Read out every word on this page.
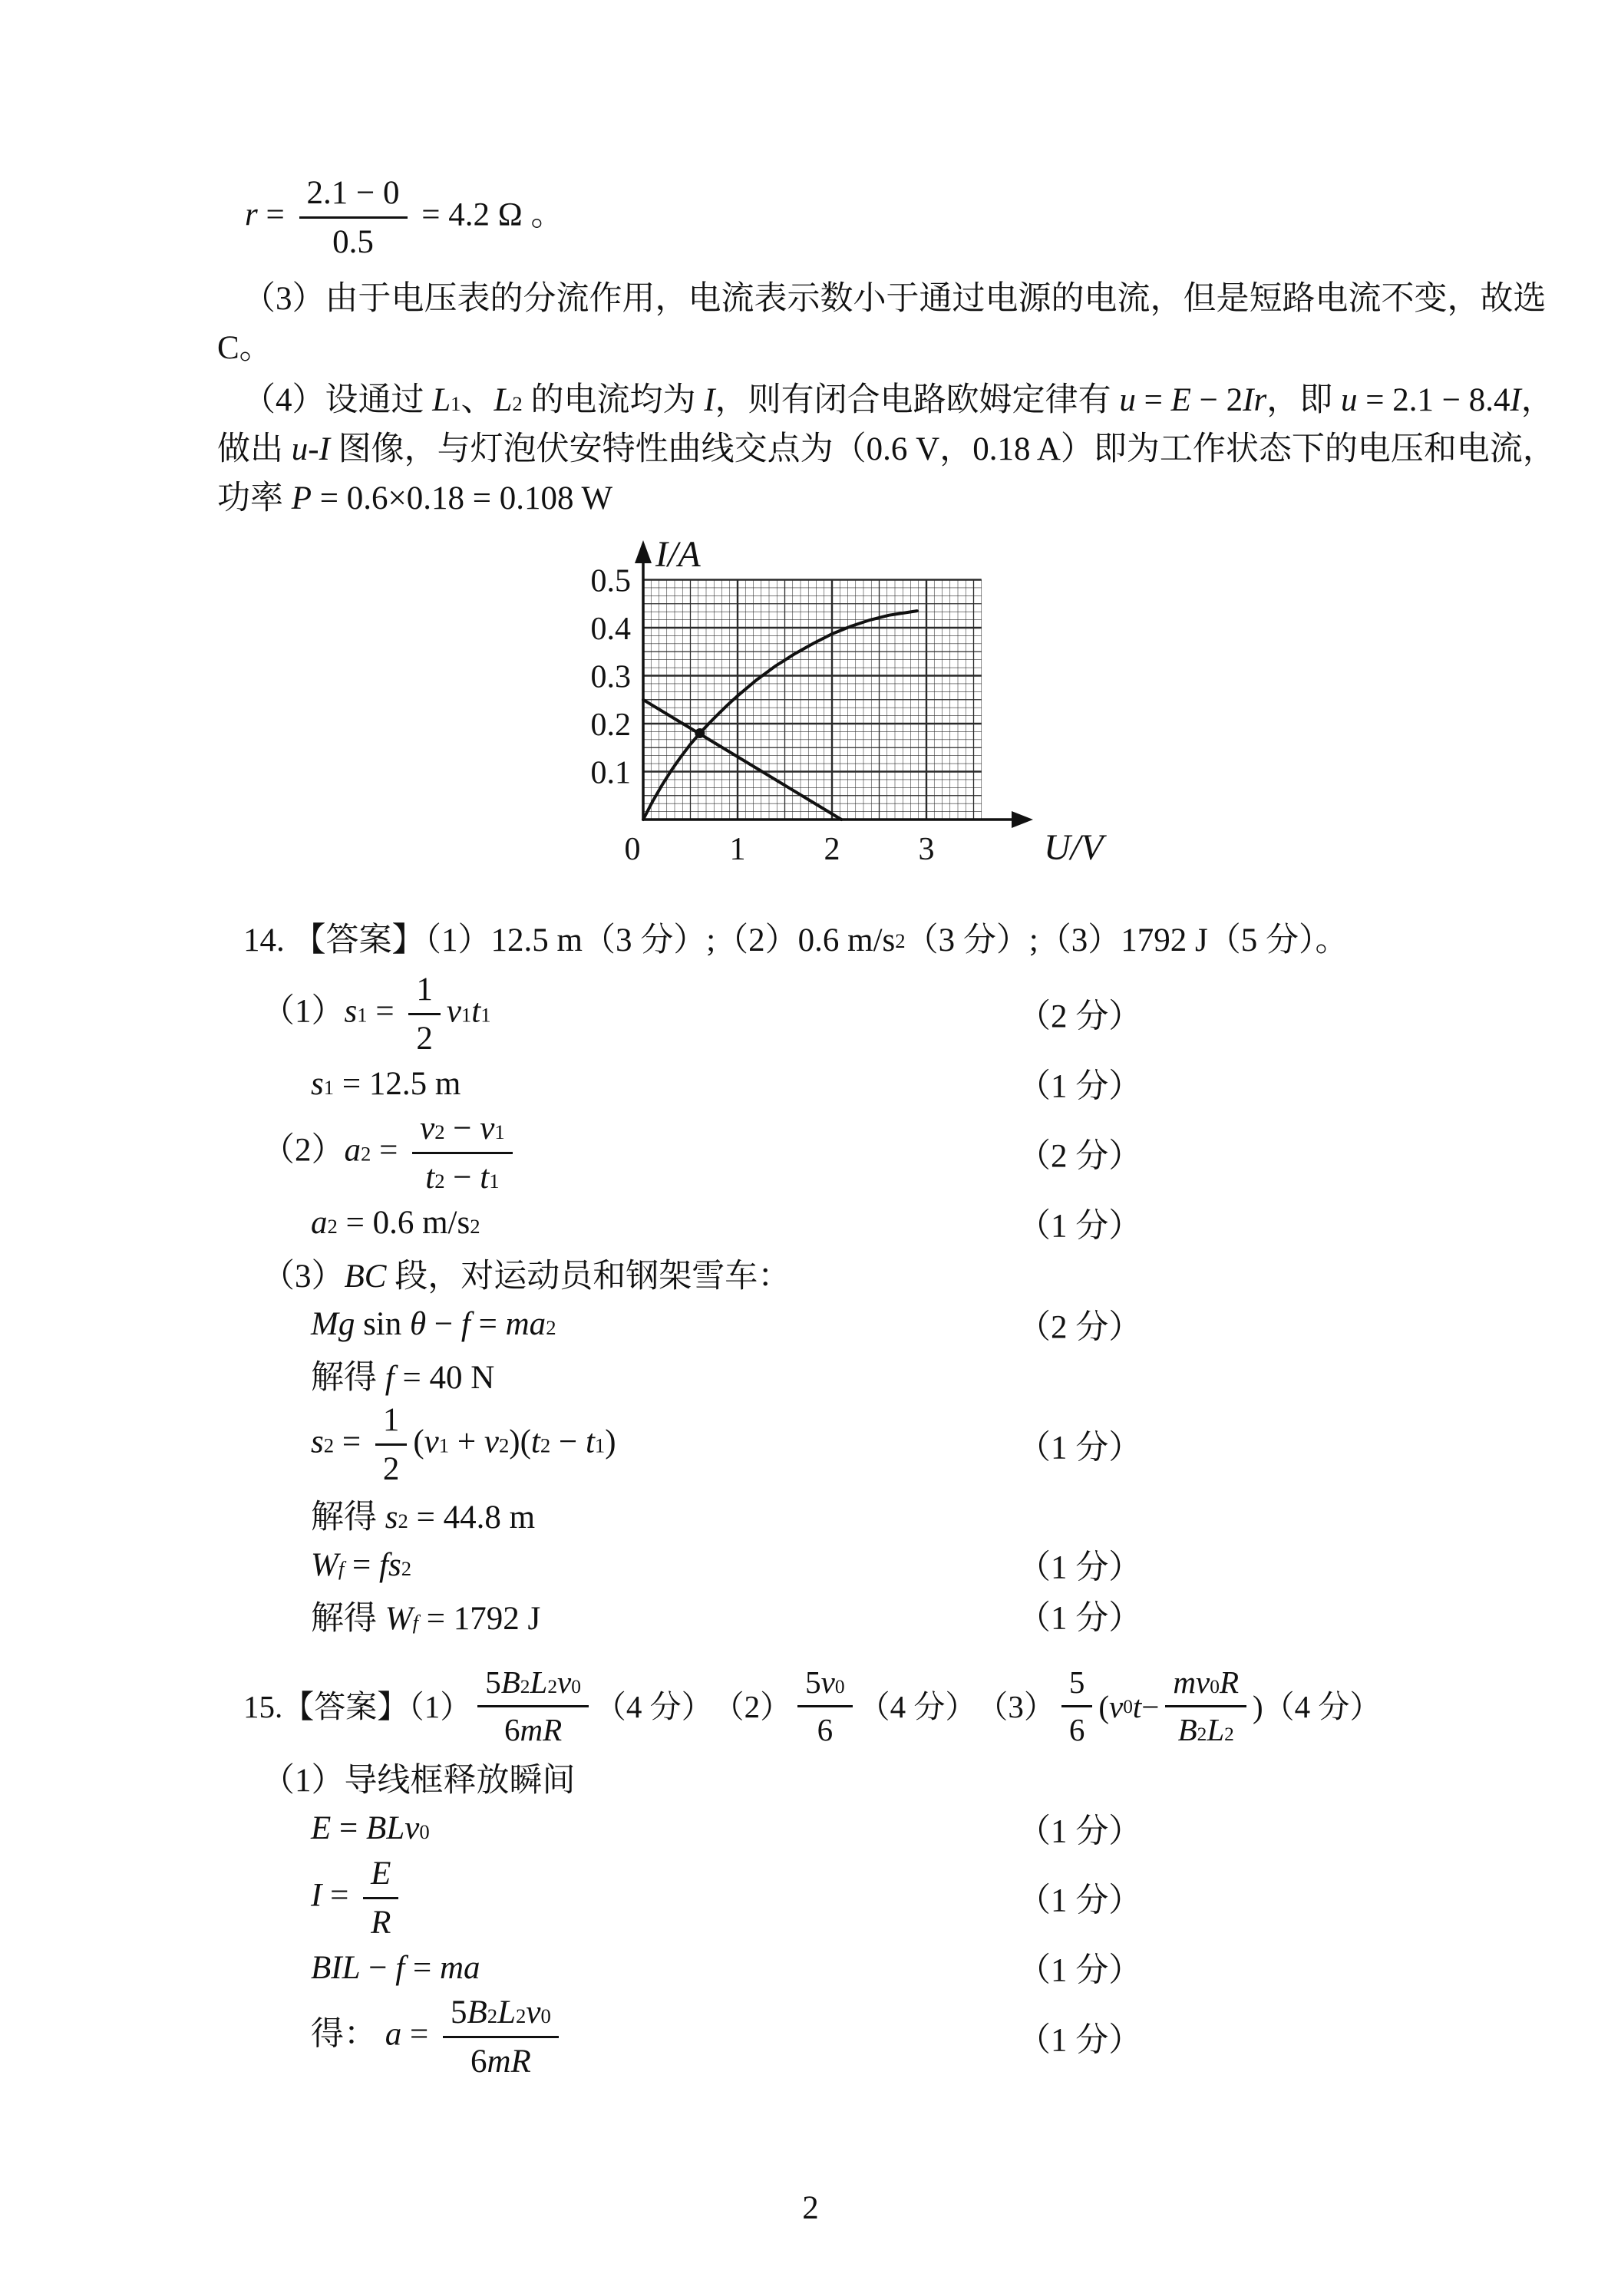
$r = \frac{2.1 - 0}{0.5} = 4.2$ Ω 。
（3）由于电压表的分流作用，电流表示数小于通过电源的电流，但是短路电流不变，故选
C。
（4）设通过 $L_1$、$L_2$ 的电流均为 I，则有闭合电路欧姆定律有 u = E − 2Ir，即 u = 2.1 − 8.4I，
做出 u-I 图像，与灯泡伏安特性曲线交点为（0.6 V，0.18 A）即为工作状态下的电压和电流，
功率 P = 0.6×0.18 = 0.108 W
0.1
0.2
0.3
0.4
0.5
0	1 2 3
I/A
U/V
14. 【答案】（1）12.5 m（3 分）;（2）0.6 m/s 2 （3 分）;（3）1792 J（5 分）。
$(1)s_1 = \frac{1}{2} v_1t_1$	（2 分）
$s_1 = 12.5$ m	（1 分）
$(2)a_2 = \frac{v_2 - v_1}{t_2 - t_1}$	（2 分）
$a_2 = 0.6$ $m/s^2$	（1 分）
（3）BC 段，对运动员和钢架雪车：
Mg $\sin \theta - f = ma_2$	（2 分）
解得 f = 40 N
$s_2 = \frac{1}{2} (v_1 + v_2)(t_2 - t_1)$	（1 分）
解得 $s_2 = 44.8$ m
$W_f = fs_2$	（1 分）
解得 $W_f = 1792$ J	（1 分）
15.【答案】$(1) \frac{5B^2L^2v_0}{6mR} (4$ 分）　$(2) \frac{5v_0}{6} (4$ 分）　$(3) \frac{5}{6}$ ( v 0 $t - \frac{mv_0R}{B^2L^2} )(4$ 分）
（1）导线框释放瞬间
E = BLv$_0$	（1 分）
$I = \frac{E}{R}$	（1 分）
BIL − f = ma	（1 分）
得： $a = \frac{5B^2L^2v_0}{6mR}$	（1 分）
2
